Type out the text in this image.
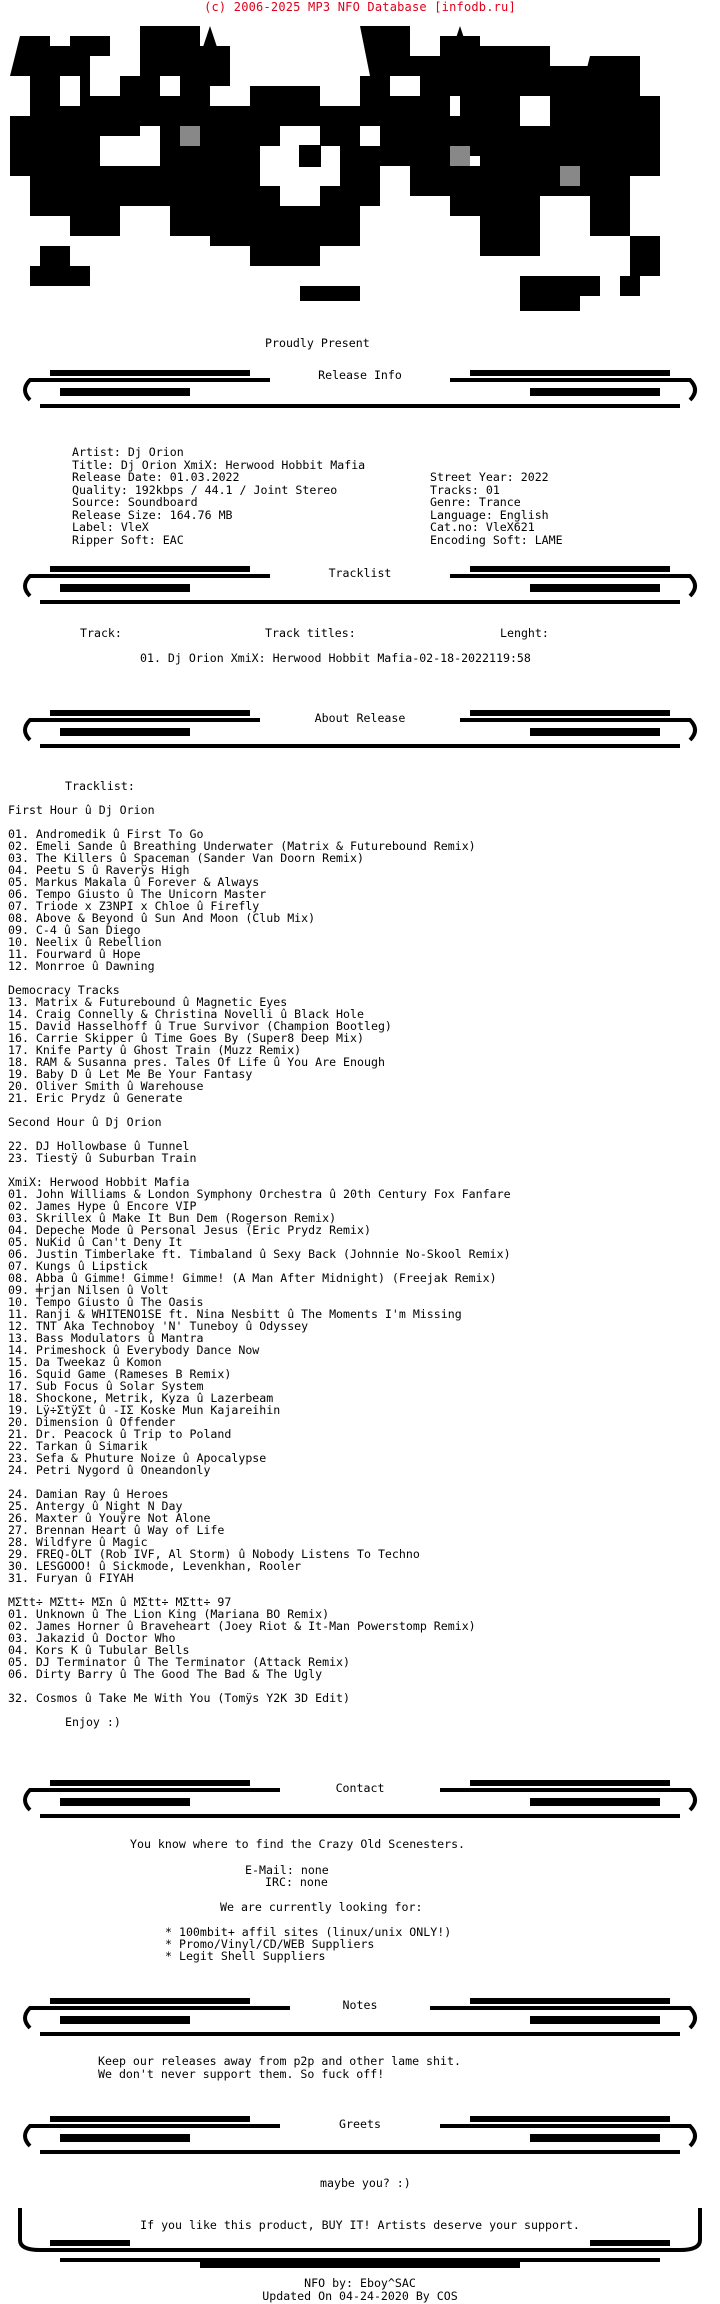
(c) 2006-2025 MP3 NFO Database [infodb.ru]
Proudly Present
Release Info
Artist: Dj Orion
Title: Dj Orion XmiX: Herwood Hobbit Mafia
Release Date: 01.03.2022
Quality: 192kbps / 44.1 / Joint Stereo
Source: Soundboard
Release Size: 164.76 MB
Label: VleX
Ripper Soft: EAC
Street Year: 2022
Tracks: 01
Genre: Trance
Language: English
Cat.no: VleX621
Encoding Soft: LAME
Tracklist
Track:	Track titles:	Lenght:
01. Dj Orion XmiX: Herwood Hobbit Mafia-02-18-2022119:58
About Release
Tracklist:
First Hour û Dj Orion
01. Andromedik û First To Go
02. Emeli Sande û Breathing Underwater (Matrix & Futurebound Remix)
03. The Killers û Spaceman (Sander Van Doorn Remix)
04. Peetu S û Raverÿs High
05. Markus Makala û Forever & Always
06. Tempo Giusto û The Unicorn Master
07. Triode x Z3NPI x Chloe û Firefly
08. Above & Beyond û Sun And Moon (Club Mix)
09. C-4 û San Diego
10. Neelix û Rebellion
11. Fourward û Hope
12. Monrroe û Dawning
Democracy Tracks
13. Matrix & Futurebound û Magnetic Eyes
14. Craig Connelly & Christina Novelli û Black Hole
15. David Hasselhoff û True Survivor (Champion Bootleg)
16. Carrie Skipper û Time Goes By (Super8 Deep Mix)
17. Knife Party û Ghost Train (Muzz Remix)
18. RAM & Susanna pres. Tales Of Life û You Are Enough
19. Baby D û Let Me Be Your Fantasy
20. Oliver Smith û Warehouse
21. Eric Prydz û Generate
Second Hour û Dj Orion
22. DJ Hollowbase û Tunnel
23. Tiestÿ û Suburban Train
XmiX: Herwood Hobbit Mafia
01. John Williams & London Symphony Orchestra û 20th Century Fox Fanfare
02. James Hype û Encore VIP
03. Skrillex û Make It Bun Dem (Rogerson Remix)
04. Depeche Mode û Personal Jesus (Eric Prydz Remix)
05. NuKid û Can't Deny It
06. Justin Timberlake ft. Timbaland û Sexy Back (Johnnie No-Skool Remix)
07. Kungs û Lipstick
08. Abba û Gimme! Gimme! Gimme! (A Man After Midnight) (Freejak Remix)
09. ╪rjan Nilsen û Volt
10. Tempo Giusto û The Oasis
11. Ranji & WHITENO1SE ft. Nina Nesbitt û The Moments I'm Missing
12. TNT Aka Technoboy 'N' Tuneboy û Odyssey
13. Bass Modulators û Mantra
14. Primeshock û Everybody Dance Now
15. Da Tweekaz û Komon
16. Squid Game (Rameses B Remix)
17. Sub Focus û Solar System
18. Shockone, Metrik, Kyza û Lazerbeam
19. Lÿ÷ΣtÿΣt û -IΣ Koske Mun Kajareihin
20. Dimension û Offender
21. Dr. Peacock û Trip to Poland
22. Tarkan û Simarik
23. Sefa & Phuture Noize û Apocalypse
24. Petri Nygord û Oneandonly
24. Damian Ray û Heroes
25. Antergy û Night N Day
26. Maxter û Youÿre Not Alone
27. Brennan Heart û Way of Life
28. Wildfyre û Magic
29. FREQ-OLT (Rob IVF, Al Storm) û Nobody Listens To Techno
30. LESGOOO! û Sickmode, Levenkhan, Rooler
31. Furyan û FIYAH
MΣtt÷ MΣtt÷ MΣn û MΣtt÷ MΣtt÷ 97
01. Unknown û The Lion King (Mariana BO Remix)
02. James Horner û Braveheart (Joey Riot & It-Man Powerstomp Remix)
03. Jakazid û Doctor Who
04. Kors K û Tubular Bells
05. DJ Terminator û The Terminator (Attack Remix)
06. Dirty Barry û The Good The Bad & The Ugly
32. Cosmos û Take Me With You (Tomÿs Y2K 3D Edit)
Enjoy :)
Contact
You know where to find the Crazy Old Scenesters.
E-Mail: none
IRC: none
We are currently looking for:
* 100mbit+ affil sites (linux/unix ONLY!)
* Promo/Vinyl/CD/WEB Suppliers
* Legit Shell Suppliers
Notes
Keep our releases away from p2p and other lame shit.
We don't never support them. So fuck off!
Greets
maybe you? :)
If you like this product, BUY IT! Artists deserve your support.
NFO by: Eboy^SAC
Updated On 04-24-2020 By COS
